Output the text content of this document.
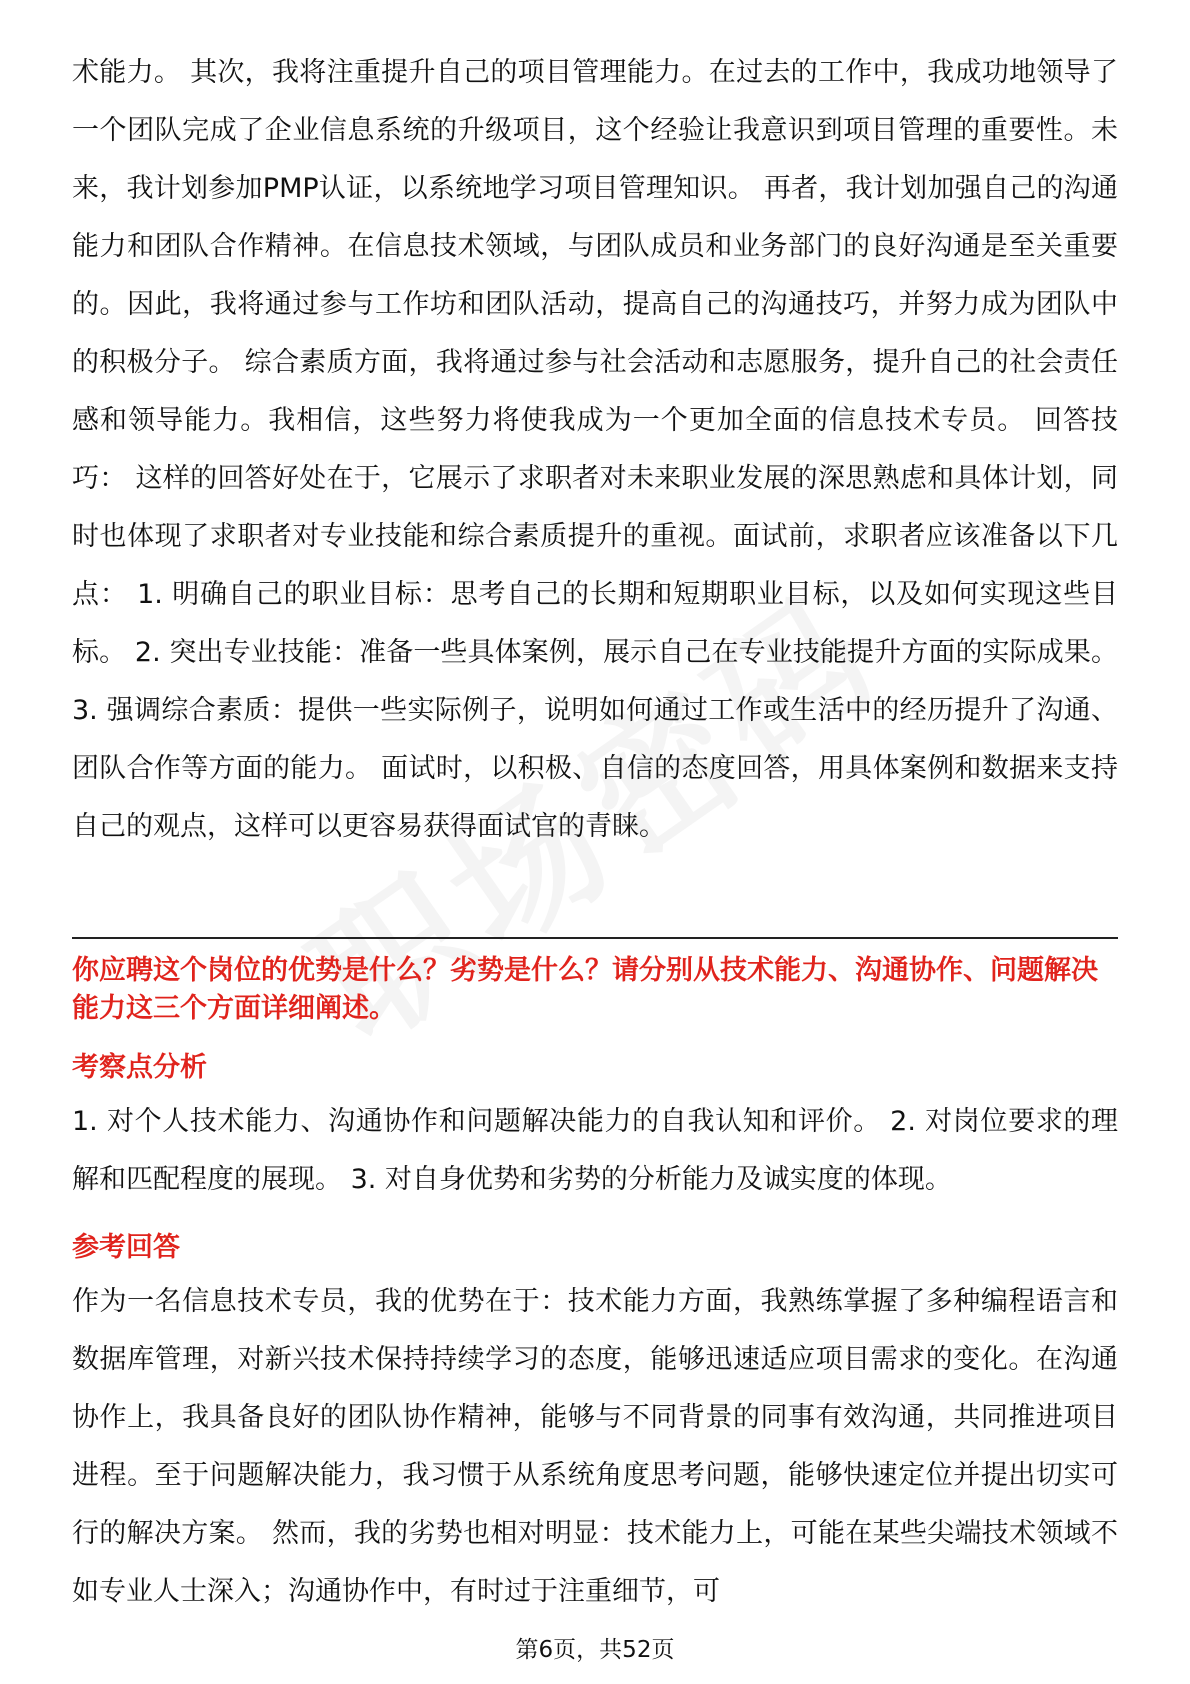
术能力。 其次，我将注重提升自己的项目管理能力。在过去的工作中，我成功地领导了一个团队完成了企业信息系统的升级项目，这个经验让我意识到项目管理的重要性。未来，我计划参加PMP认证，以系统地学习项目管理知识。 再者，我计划加强自己的沟通能力和团队合作精神。在信息技术领域，与团队成员和业务部门的良好沟通是至关重要的。因此，我将通过参与工作坊和团队活动，提高自己的沟通技巧，并努力成为团队中的积极分子。 综合素质方面，我将通过参与社会活动和志愿服务，提升自己的社会责任感和领导能力。我相信，这些努力将使我成为一个更加全面的信息技术专员。 回答技巧： 这样的回答好处在于，它展示了求职者对未来职业发展的深思熟虑和具体计划，同时也体现了求职者对专业技能和综合素质提升的重视。面试前，求职者应该准备以下几点： 1. 明确自己的职业目标：思考自己的长期和短期职业目标，以及如何实现这些目标。 2. 突出专业技能：准备一些具体案例，展示自己在专业技能提升方面的实际成果。 3. 强调综合素质：提供一些实际例子，说明如何通过工作或生活中的经历提升了沟通、团队合作等方面的能力。 面试时，以积极、自信的态度回答，用具体案例和数据来支持自己的观点，这样可以更容易获得面试官的青睐。

你应聘这个岗位的优势是什么？劣势是什么？请分别从技术能力、沟通协作、问题解决能力这三个方面详细阐述。

考察点分析

1. 对个人技术能力、沟通协作和问题解决能力的自我认知和评价。 2. 对岗位要求的理解和匹配程度的展现。 3. 对自身优势和劣势的分析能力及诚实度的体现。

参考回答

作为一名信息技术专员，我的优势在于：技术能力方面，我熟练掌握了多种编程语言和数据库管理，对新兴技术保持持续学习的态度，能够迅速适应项目需求的变化。在沟通协作上，我具备良好的团队协作精神，能够与不同背景的同事有效沟通，共同推进项目进程。至于问题解决能力，我习惯于从系统角度思考问题，能够快速定位并提出切实可行的解决方案。 然而，我的劣势也相对明显：技术能力上，可能在某些尖端技术领域不如专业人士深入；沟通协作中，有时过于注重细节，可

第6页，共52页
